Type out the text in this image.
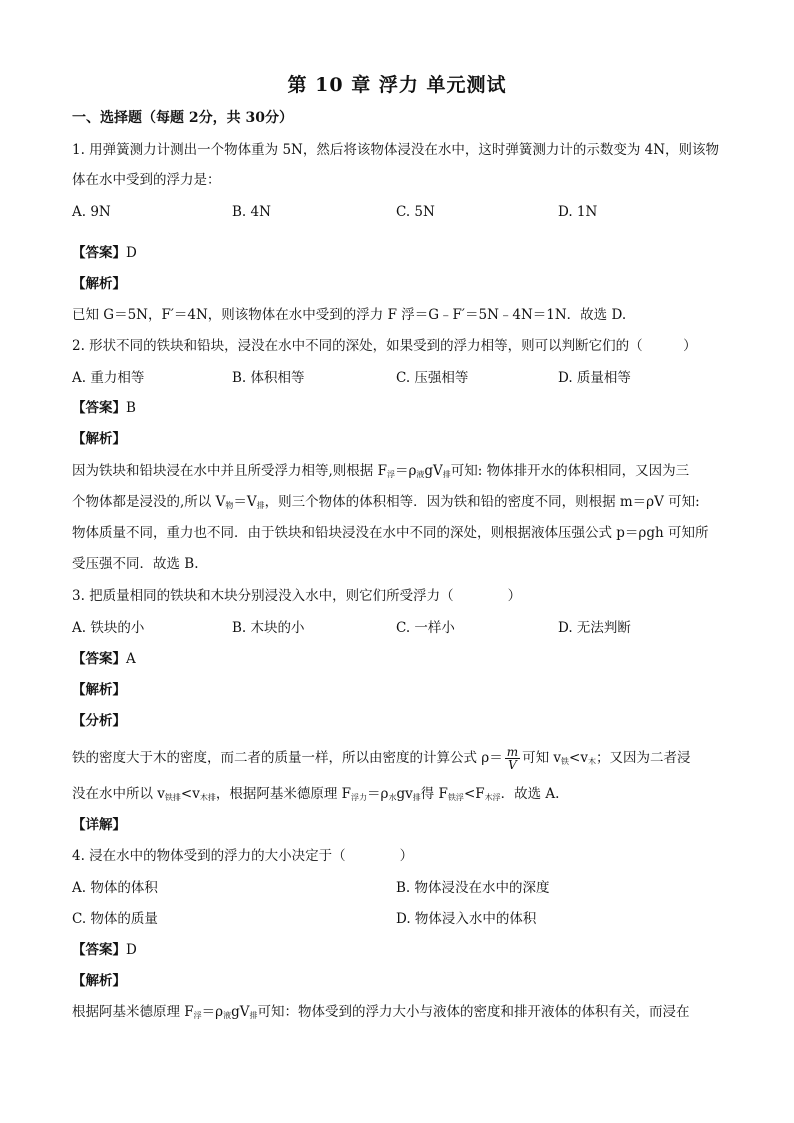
第 10 章 浮力 单元测试
一、选择题（每题 2分，共 30分）
1. 用弹簧测力计测出一个物体重为 5N，然后将该物体浸没在水中，这时弹簧测力计的示数变为 4N，则该物
体在水中受到的浮力是：
A. 9N	B. 4N	C. 5N	D. 1N
【答案】D
【解析】
已知 G＝5N，F′＝4N，则该物体在水中受到的浮力 F 浮＝G﹣F′＝5N﹣4N＝1N．故选 D.
2. 形状不同的铁块和铅块，浸没在水中不同的深处，如果受到的浮力相等，则可以判断它们的（　　　）
A. 重力相等	B. 体积相等	C. 压强相等	D. 质量相等
【答案】B
【解析】
因为铁块和铅块浸在水中并且所受浮力相等,则根据 $F_浮=\rho_液gV_排$可知: 物体排开水的体积相同，又因为三
个物体都是浸没的,所以 $V_物=V_排$，则三个物体的体积相等．因为铁和铅的密度不同，则根据 m＝ρV 可知:
物体质量不同，重力也不同．由于铁块和铅块浸没在水中不同的深处，则根据液体压强公式 p＝ρgh 可知所
受压强不同．故选 B.
3. 把质量相同的铁块和木块分别浸没入水中，则它们所受浮力（　　　　）
A. 铁块的小	B. 木块的小	C. 一样小	D. 无法判断
【答案】A
【解析】
【分析】
铁的密度大于木的密度，而二者的质量一样，所以由密度的计算公式 $\rho= \frac{m}{V}$ 可知 $v_铁<v_木$；又因为二者浸
没在水中所以 $v_{铁排}<v_{木排}$，根据阿基米德原理 $F_{浮力}=\rho_水gv_排$得 $F_{铁浮}<F_{木浮}$．故选 A.
【详解】
4. 浸在水中的物体受到的浮力的大小决定于（　　　　）
A. 物体的体积	B. 物体浸没在水中的深度
C. 物体的质量	D. 物体浸入水中的体积
【答案】D
【解析】
根据阿基米德原理 $F_浮=\rho_液gV_排$可知：物体受到的浮力大小与液体的密度和排开液体的体积有关，而浸在
